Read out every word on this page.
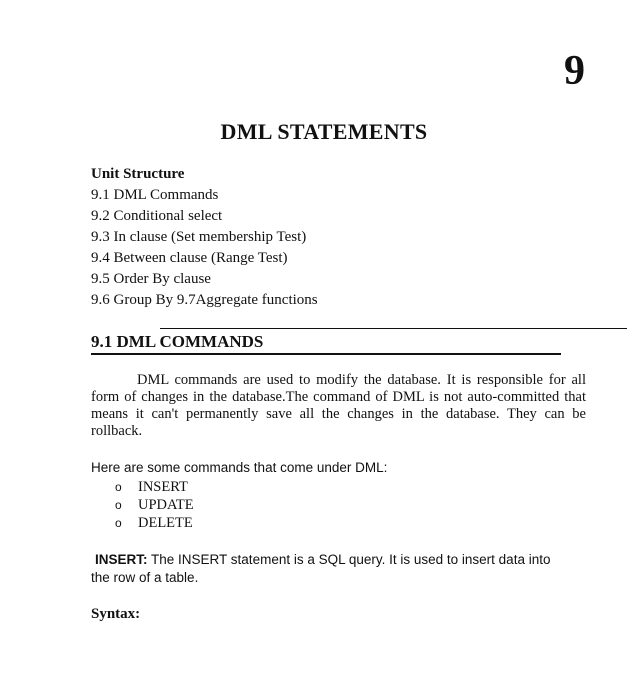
9
DML STATEMENTS
Unit Structure
9.1 DML Commands
9.2 Conditional select
9.3 In clause (Set membership Test)
9.4 Between clause (Range Test)
9.5 Order By clause
9.6 Group By 9.7Aggregate functions
9.1 DML COMMANDS

DML commands are used to modify the database. It is responsible for all form of changes in the database.The command of DML is not auto-committed that means it can't permanently save all the changes in the database. They can be rollback.

Here are some commands that come under DML:
o INSERT
o UPDATE
o DELETE

INSERT: The INSERT statement is a SQL query. It is used to insert data into the row of a table.

Syntax:
